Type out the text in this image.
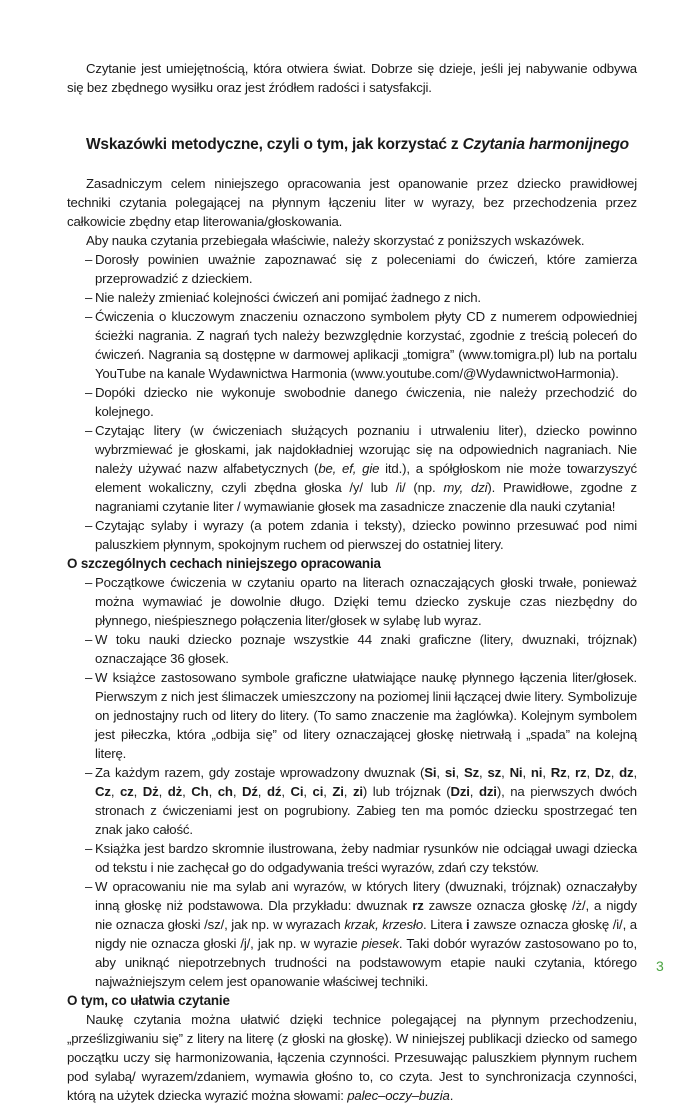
Czytanie jest umiejętnością, która otwiera świat. Dobrze się dzieje, jeśli jej nabywanie odbywa się bez zbędnego wysiłku oraz jest źródłem radości i satysfakcji.

Wskazówki metodyczne, czyli o tym, jak korzystać z Czytania harmonijnego

Zasadniczym celem niniejszego opracowania jest opanowanie przez dziecko prawidłowej techniki czytania polegającej na płynnym łączeniu liter w wyrazy, bez przechodzenia przez całkowicie zbędny etap literowania/głoskowania.

Aby nauka czytania przebiegała właściwie, należy skorzystać z poniższych wskazówek.

– Dorosły powinien uważnie zapoznawać się z poleceniami do ćwiczeń, które zamierza przeprowadzić z dzieckiem.
– Nie należy zmieniać kolejności ćwiczeń ani pomijać żadnego z nich.
– Ćwiczenia o kluczowym znaczeniu oznaczono symbolem płyty CD z numerem odpowiedniej ścieżki nagrania. Z nagrań tych należy bezwzględnie korzystać, zgodnie z treścią poleceń do ćwiczeń. Nagrania są dostępne w darmowej aplikacji „tomigra” (www.tomigra.pl) lub na portalu YouTube na kanale Wydawnictwa Harmonia (www.youtube.com/@WydawnictwoHarmonia).
– Dopóki dziecko nie wykonuje swobodnie danego ćwiczenia, nie należy przechodzić do kolejnego.
– Czytając litery (w ćwiczeniach służących poznaniu i utrwaleniu liter), dziecko powinno wybrzmiewać je głoskami, jak najdokładniej wzorując się na odpowiednich nagraniach. Nie należy używać nazw alfabetycznych (be, ef, gie itd.), a spółgłoskom nie może towarzyszyć element wokaliczny, czyli zbędna głoska /y/ lub /i/ (np. my, dzi). Prawidłowe, zgodne z nagraniami czytanie liter / wymawianie głosek ma zasadnicze znaczenie dla nauki czytania!
– Czytając sylaby i wyrazy (a potem zdania i teksty), dziecko powinno przesuwać pod nimi paluszkiem płynnym, spokojnym ruchem od pierwszej do ostatniej litery.
O szczególnych cechach niniejszego opracowania
– Początkowe ćwiczenia w czytaniu oparto na literach oznaczających głoski trwałe, ponieważ można wymawiać je dowolnie długo. Dzięki temu dziecko zyskuje czas niezbędny do płynnego, nieśpiesznego połączenia liter/głosek w sylabę lub wyraz.
– W toku nauki dziecko poznaje wszystkie 44 znaki graficzne (litery, dwuznaki, trójznak) oznaczające 36 głosek.
– W książce zastosowano symbole graficzne ułatwiające naukę płynnego łączenia liter/głosek. Pierwszym z nich jest ślimaczek umieszczony na poziomej linii łączącej dwie litery. Symbolizuje on jednostajny ruch od litery do litery. (To samo znaczenie ma żaglówka). Kolejnym symbolem jest piłeczka, która „odbija się” od litery oznaczającej głoskę nietrwałą i „spada” na kolejną literę.
– Za każdym razem, gdy zostaje wprowadzony dwuznak (Si, si, Sz, sz, Ni, ni, Rz, rz, Dz, dz, Cz, cz, Dż, dż, Ch, ch, Dź, dź, Ci, ci, Zi, zi) lub trójznak (Dzi, dzi), na pierwszych dwóch stronach z ćwiczeniami jest on pogrubiony. Zabieg ten ma pomóc dziecku spostrzegać ten znak jako całość.
– Książka jest bardzo skromnie ilustrowana, żeby nadmiar rysunków nie odciągał uwagi dziecka od tekstu i nie zachęcał go do odgadywania treści wyrazów, zdań czy tekstów.
– W opracowaniu nie ma sylab ani wyrazów, w których litery (dwuznaki, trójznak) oznaczałyby inną głoskę niż podstawowa. Dla przykładu: dwuznak rz zawsze oznacza głoskę /ż/, a nigdy nie oznacza głoski /sz/, jak np. w wyrazach krzak, krzesło. Litera i zawsze oznacza głoskę /i/, a nigdy nie oznacza głoski /j/, jak np. w wyrazie piesek. Taki dobór wyrazów zastosowano po to, aby uniknąć niepotrzebnych trudności na podstawowym etapie nauki czytania, którego najważniejszym celem jest opanowanie właściwej techniki.
O tym, co ułatwia czytanie

Naukę czytania można ułatwić dzięki technice polegającej na płynnym przechodzeniu, „prześlizgiwaniu się” z litery na literę (z głoski na głoskę). W niniejszej publikacji dziecko od samego początku uczy się harmonizowania, łączenia czynności. Przesuwając paluszkiem płynnym ruchem pod sylabą/ wyrazem/zdaniem, wymawia głośno to, co czyta. Jest to synchronizacja czynności, którą na użytek dziecka wyrazić można słowami: palec–oczy–buzia.

3
